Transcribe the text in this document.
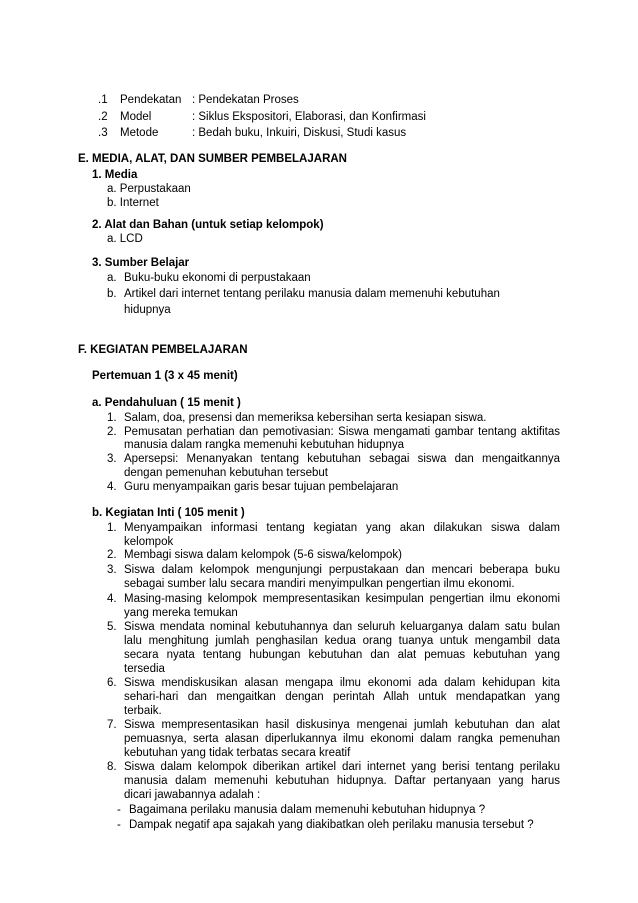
.1 Pendekatan : Pendekatan Proses
.2 Model	: Siklus Ekspositori, Elaborasi, dan Konfirmasi
.3 Metode	: Bedah buku, Inkuiri, Diskusi, Studi kasus
E. MEDIA, ALAT, DAN SUMBER PEMBELAJARAN
1. Media
a. Perpustakaan
b. Internet
2. Alat dan Bahan (untuk setiap kelompok)
a. LCD
3. Sumber Belajar
a. Buku-buku ekonomi di perpustakaan
b. Artikel dari internet tentang perilaku manusia dalam memenuhi kebutuhan
hidupnya
F. KEGIATAN PEMBELAJARAN
Pertemuan 1 (3 x 45 menit)
a. Pendahuluan ( 15 menit )
1. Salam, doa, presensi dan memeriksa kebersihan serta kesiapan siswa.
2. Pemusatan perhatian dan pemotivasian: Siswa mengamati gambar tentang aktifitas
manusia dalam rangka memenuhi kebutuhan hidupnya
3. Apersepsi: Menanyakan tentang kebutuhan sebagai siswa dan mengaitkannya
dengan pemenuhan kebutuhan tersebut
4. Guru menyampaikan garis besar tujuan pembelajaran
b. Kegiatan Inti ( 105 menit )
1. Menyampaikan informasi tentang kegiatan yang akan dilakukan siswa dalam
kelompok
2. Membagi siswa dalam kelompok (5-6 siswa/kelompok)
3. Siswa dalam kelompok mengunjungi perpustakaan dan mencari beberapa buku
sebagai sumber lalu secara mandiri menyimpulkan pengertian ilmu ekonomi.
4. Masing-masing kelompok mempresentasikan kesimpulan pengertian ilmu ekonomi
yang mereka temukan
5. Siswa mendata nominal kebutuhannya dan seluruh keluarganya dalam satu bulan
lalu menghitung jumlah penghasilan kedua orang tuanya untuk mengambil data
secara nyata tentang hubungan kebutuhan dan alat pemuas kebutuhan yang
tersedia
6. Siswa mendiskusikan alasan mengapa ilmu ekonomi ada dalam kehidupan kita
sehari-hari dan mengaitkan dengan perintah Allah untuk mendapatkan yang
terbaik.
7. Siswa mempresentasikan hasil diskusinya mengenai jumlah kebutuhan dan alat
pemuasnya, serta alasan diperlukannya ilmu ekonomi dalam rangka pemenuhan
kebutuhan yang tidak terbatas secara kreatif
8. Siswa dalam kelompok diberikan artikel dari internet yang berisi tentang perilaku
manusia dalam memenuhi kebutuhan hidupnya. Daftar pertanyaan yang harus
dicari jawabannya adalah :
- Bagaimana perilaku manusia dalam memenuhi kebutuhan hidupnya ?
- Dampak negatif apa sajakah yang diakibatkan oleh perilaku manusia tersebut ?
